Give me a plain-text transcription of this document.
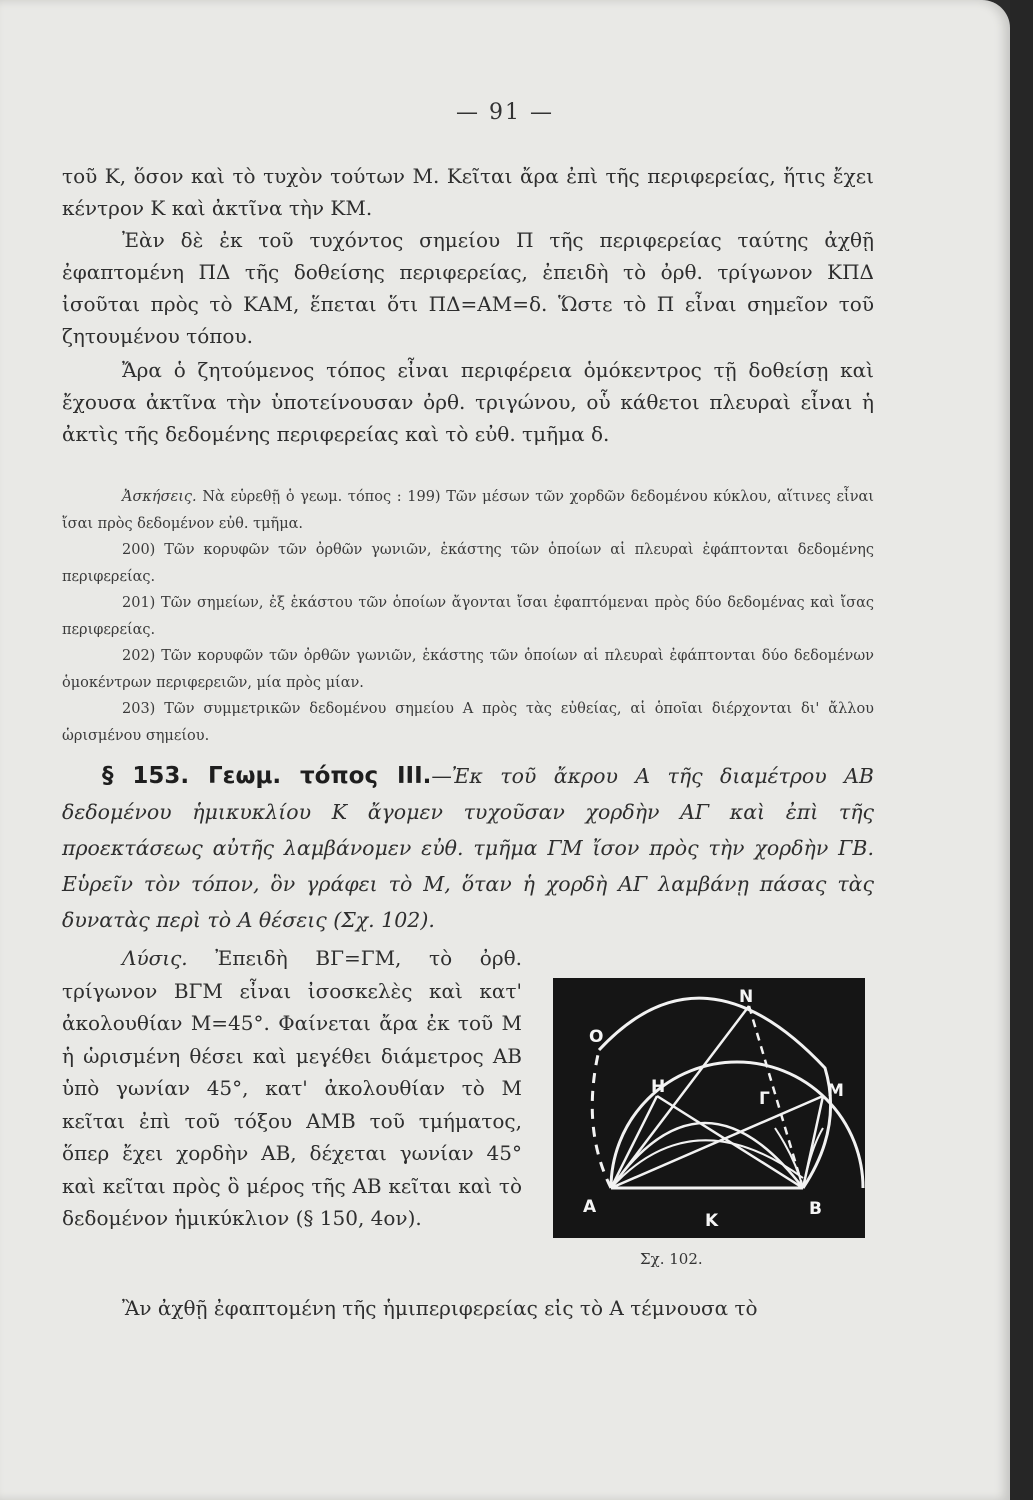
— 91 —

τοῦ Κ, ὅσον καὶ τὸ τυχὸν τούτων Μ. Κεῖται ἄρα ἐπὶ τῆς περιφερείας, ἥτις ἔχει κέντρον Κ καὶ ἀκτῖνα τὴν ΚΜ.

Ἐὰν δὲ ἐκ τοῦ τυχόντος σημείου Π τῆς περιφερείας ταύτης ἀχθῇ ἐφαπτομένη ΠΔ τῆς δοθείσης περιφερείας, ἐπειδὴ τὸ ὀρθ. τρίγωνον ΚΠΔ ἰσοῦται πρὸς τὸ ΚΑΜ, ἕπεται ὅτι ΠΔ=ΑΜ=δ. Ὥστε τὸ Π εἶναι σημεῖον τοῦ ζητουμένου τόπου.

Ἄρα ὁ ζητούμενος τόπος εἶναι περιφέρεια ὁμόκεντρος τῇ δοθείσῃ καὶ ἔχουσα ἀκτῖνα τὴν ὑποτείνουσαν ὀρθ. τριγώνου, οὗ κάθετοι πλευραὶ εἶναι ἡ ἀκτὶς τῆς δεδομένης περιφερείας καὶ τὸ εὐθ. τμῆμα δ.

Ἀσκήσεις. Νὰ εὑρεθῇ ὁ γεωμ. τόπος : 199) Τῶν μέσων τῶν χορδῶν δεδομένου κύκλου, αἵτινες εἶναι ἴσαι πρὸς δεδομένον εὐθ. τμῆμα.

200) Τῶν κορυφῶν τῶν ὀρθῶν γωνιῶν, ἑκάστης τῶν ὁποίων αἱ πλευραὶ ἐφάπτονται δεδομένης περιφερείας.

201) Τῶν σημείων, ἐξ ἑκάστου τῶν ὁποίων ἄγονται ἴσαι ἐφαπτόμεναι πρὸς δύο δεδομένας καὶ ἴσας περιφερείας.

202) Τῶν κορυφῶν τῶν ὀρθῶν γωνιῶν, ἑκάστης τῶν ὁποίων αἱ πλευραὶ ἐφάπτονται δύο δεδομένων ὁμοκέντρων περιφερειῶν, μία πρὸς μίαν.

203) Τῶν συμμετρικῶν δεδομένου σημείου Α πρὸς τὰς εὐθείας, αἱ ὁποῖαι διέρχονται δι' ἄλλου ὡρισμένου σημείου.

§ 153. Γεωμ. τόπος ΙΙΙ.—Ἐκ τοῦ ἄκρου Α τῆς διαμέτρου ΑΒ δεδομένου ἡμικυκλίου Κ ἄγομεν τυχοῦσαν χορδὴν ΑΓ καὶ ἐπὶ τῆς προεκτάσεως αὐτῆς λαμβάνομεν εὐθ. τμῆμα ΓΜ ἴσον πρὸς τὴν χορδὴν ΓΒ. Εὑρεῖν τὸν τόπον, ὃν γράφει τὸ Μ, ὅταν ἡ χορδὴ ΑΓ λαμβάνῃ πάσας τὰς δυνατὰς περὶ τὸ Α θέσεις (Σχ. 102).

Λύσις. Ἐπειδὴ ΒΓ=ΓΜ, τὸ ὀρθ. τρίγωνον ΒΓΜ εἶναι ἰσοσκελὲς καὶ κατ' ἀκολουθίαν Μ=45°. Φαίνεται ἄρα ἐκ τοῦ Μ ἡ ὡρισμένη θέσει καὶ μεγέθει διάμετρος ΑΒ ὑπὸ γωνίαν 45°, κατ' ἀκολουθίαν τὸ Μ κεῖται ἐπὶ τοῦ τόξου ΑΜΒ τοῦ τμήματος, ὅπερ ἔχει χορδὴν ΑΒ, δέχεται γωνίαν 45° καὶ κεῖται πρὸς ὃ μέρος τῆς ΑΒ κεῖται καὶ τὸ δεδομένον ἡμικύκλιον (§ 150, 4ον).

O
N
H
Γ	M
A
K
B
Σχ. 102.

Ἂν ἀχθῇ ἐφαπτομένη τῆς ἡμιπεριφερείας εἰς τὸ Α τέμνουσα τὸ
